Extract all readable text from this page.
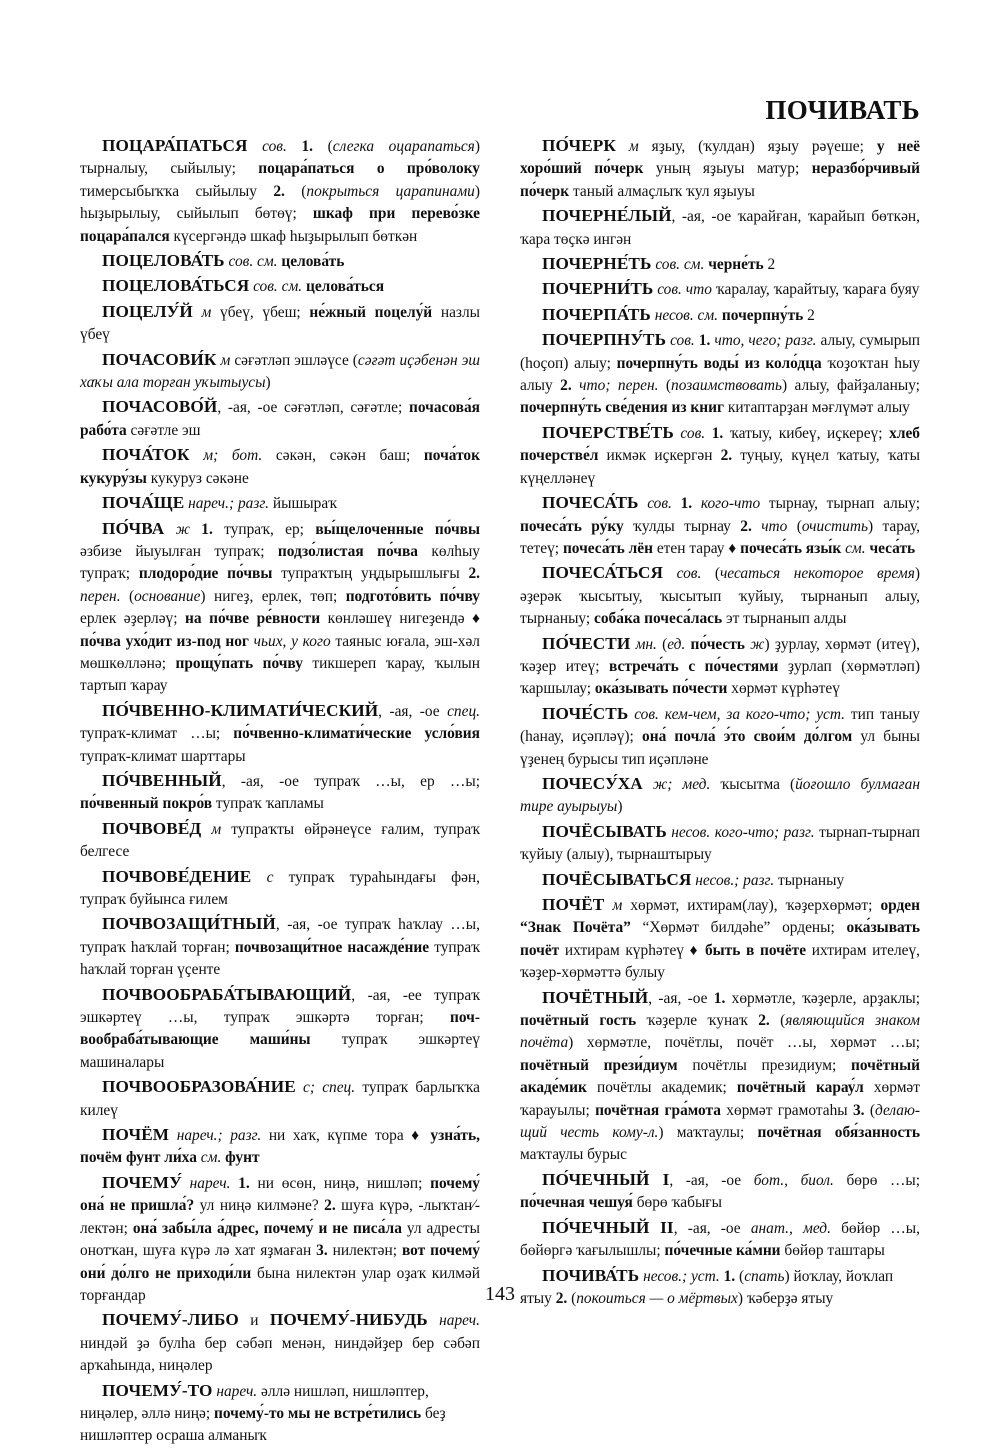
ПОЧИВАТЬ

ПОЦАРА́ПАТЬСЯ сов. 1. (слегка оцарапаться) тырналыу, сыйылыу; поцара́паться о про́волоку тимерсыбыҡҡа сыйылыу 2. (покрыться царапинами) һыҙырылыу, сыйылып бөтөү; шкаф при перево́зке поцара́пался күсергәндә шкаф һыҙырылып бөткән

ПОЦЕЛОВА́ТЬ сов. см. целова́ть

ПОЦЕЛОВА́ТЬСЯ сов. см. целова́ться

ПОЦЕЛУ́Й м үбеү, үбеш; не́жный поцелу́й назлы үбеү

ПОЧАСОВИ́К м сәғәтләп эшләүсе (сәғәт иҫәбенән эш хаҡы ала торған уҡытыусы)

ПОЧАСОВО́Й, -ая, -ое сәғәтләп, сәғәтле; почасова́я рабо́та сәғәтле эш

ПОЧА́ТОК м; бот. сәкән, сәкән баш; поча́ток кукуру́зы кукуруз сәкәне

ПОЧА́ЩЕ нареч.; разг. йышыраҡ

ПО́ЧВА ж 1. тупраҡ, ер; вы́щелоченные по́чвы әзбизе йыуылған тупраҡ; подзо́листая по́чва көлһыу тупраҡ; плодоро́дие по́чвы тупраҡтың уңдырышлығы 2. перен. (основание) нигеҙ, ерлек, төп; подгото́вить по́чву ерлек әҙерләү; на по́чве ре́вности көнләшеү нигеҙендә ♦ по́чва ухо́дит из-под ног чьих, у кого таяныс юғала, эш-хәл мөшкөлләнә; прощу́пать по́чву тикшереп ҡарау, ҡылын тартып ҡарау

ПО́ЧВЕННО-КЛИМАТИ́ЧЕСКИЙ, -ая, -ое спец. тупраҡ-климат …ы; по́чвенно-климати́ческие усло́вия тупраҡ-климат шарттары

ПО́ЧВЕННЫЙ, -ая, -ое тупраҡ …ы, ер …ы; по́чвенный покро́в тупраҡ ҡапламы

ПОЧВОВЕ́Д м тупраҡты өйрәнеүсе ғалим, тупраҡ белгесе

ПОЧВОВЕ́ДЕНИЕ с тупраҡ тураһындағы фән, тупраҡ буйынса ғилем

ПОЧВОЗАЩИ́ТНЫЙ, -ая, -ое тупраҡ һаҡлау …ы, тупраҡ һаҡлай торған; почвозащи́тное насажде́ние тупраҡ һаҡлай торған үҫенте

ПОЧВООБРАБА́ТЫВАЮЩИЙ, -ая, -ее тупраҡ эшкәртеү …ы, тупраҡ эшкәртә торған; почвообраба́тывающие маши́ны тупраҡ эшкәртеү машиналары

ПОЧВООБРАЗОВА́НИЕ с; спец. тупраҡ барлыҡҡа килеү

ПОЧЁМ нареч.; разг. ни хаҡ, күпме тора ♦ узна́ть, почём фунт ли́ха см. фунт

ПОЧЕМУ́ нареч. 1. ни өсөн, ниңә, нишләп; почему́ она́ не пришла́? ул ниңә килмәне? 2. шуға күрә, -лыҡтан⁄-лектән; она́ забы́ла а́дрес, почему́ и не писа́ла ул адресты онотҡан, шуға күрә лә хат яҙмаған 3. нилектән; вот почему́ они́ до́лго не приходи́ли бына нилектән улар оҙаҡ килмәй торғандар

ПОЧЕМУ́-ЛИБО и ПОЧЕМУ́-НИБУДЬ нареч. ниндәй ҙә булһа бер сәбәп менән, ниндәйҙер бер сәбәп арҡаһында, ниңәлер

ПОЧЕМУ́-ТО нареч. әллә нишләп, нишләптер, ниңәлер, әллә ниңә; почему́-то мы не встре́тились беҙ нишләптер осраша алманыҡ

ПО́ЧЕРК м яҙыу, (ҡулдан) яҙыу рәүеше; у неё хоро́ший по́черк уның яҙыуы матур; неразбо́рчивый по́черк таный алмаҫлыҡ ҡул яҙыуы

ПОЧЕРНЕ́ЛЫЙ, -ая, -ое ҡарайған, ҡарайып бөткән, ҡара төҫкә ингән

ПОЧЕРНЕ́ТЬ сов. см. черне́ть 2

ПОЧЕРНИ́ТЬ сов. что ҡаралау, ҡарайтыу, ҡараға буяу

ПОЧЕРПА́ТЬ несов. см. почерпну́ть 2

ПОЧЕРПНУ́ТЬ сов. 1. что, чего; разг. алыу, сумырып (һоҫоп) алыу; почерпну́ть воды́ из коло́дца ҡоҙоҡтан һыу алыу 2. что; перен. (позаимствовать) алыу, файҙаланыу; почерпну́ть све́дения из книг китаптарҙан мәғлүмәт алыу

ПОЧЕРСТВЕ́ТЬ сов. 1. ҡатыу, кибеү, иҫкереү; хлеб почерстве́л икмәк иҫкергән 2. туңыу, күңел ҡатыу, ҡаты күңелләнеү

ПОЧЕСА́ТЬ сов. 1. кого-что тырнау, тырнап алыу; почеса́ть ру́ку ҡулды тырнау 2. что (очистить) тарау, тетеү; почеса́ть лён етен тарау ♦ почеса́ть язы́к см. чеса́ть

ПОЧЕСА́ТЬСЯ сов. (чесаться некоторое время) әҙерәк ҡысытыу, ҡысытып ҡуйыу, тырнанып алыу, тырнаныу; соба́ка почеса́лась эт тырнанып алды

ПО́ЧЕСТИ мн. (ед. по́честь ж) ҙурлау, хөрмәт (итеү), ҡәҙер итеү; встреча́ть с по́честями ҙурлап (хөрмәтләп) ҡаршылау; ока́зывать по́чести хөрмәт күрһәтеү

ПОЧЕ́СТЬ сов. кем-чем, за кого-что; уст. тип таныу (һанау, иҫәпләү); она́ почла́ э́то свои́м до́лгом ул быны үҙенең бурысы тип иҫәпләне

ПОЧЕСУ́ХА ж; мед. ҡысытма (йоғошло булмаған тире ауырыуы)

ПОЧЁСЫВАТЬ несов. кого-что; разг. тырнап-тырнап ҡуйыу (алыу), тырнаштырыу

ПОЧЁСЫВАТЬСЯ несов.; разг. тырнаныу

ПОЧЁТ м хөрмәт, ихтирам(лау), ҡәҙерхөрмәт; орден “Знак Почёта” “Хөрмәт билдәһе” ордены; ока́зывать почёт ихтирам күрһәтеү ♦ быть в почёте ихтирам ителеү, ҡәҙер-хөрмәттә булыу

ПОЧЁТНЫЙ, -ая, -ое 1. хөрмәтле, ҡәҙерле, арҙаклы; почётный гость ҡәҙерле ҡунаҡ 2. (являющийся знаком почёта) хөрмәтле, почётлы, почёт …ы, хөрмәт …ы; почётный прези́диум почётлы президиум; почётный акаде́мик почётлы академик; почётный карау́л хөрмәт ҡарауылы; почётная гра́мота хөрмәт грамотаһы 3. (делающий честь кому-л.) маҡтаулы; почётная обя́занность маҡтаулы бурыс

ПО́ЧЕЧНЫЙ I, -ая, -ое бот., биол. бөрө …ы; по́чечная чешуя́ бөрө ҡабығы

ПО́ЧЕЧНЫЙ II, -ая, -ое анат., мед. бөйөр …ы, бөйөргә ҡағылышлы; по́чечные ка́мни бөйөр таштары

ПОЧИВА́ТЬ несов.; уст. 1. (спать) йоҡлау, йоҡлап ятыу 2. (покоиться — о мёртвых) ҡәберҙә ятыу

143
